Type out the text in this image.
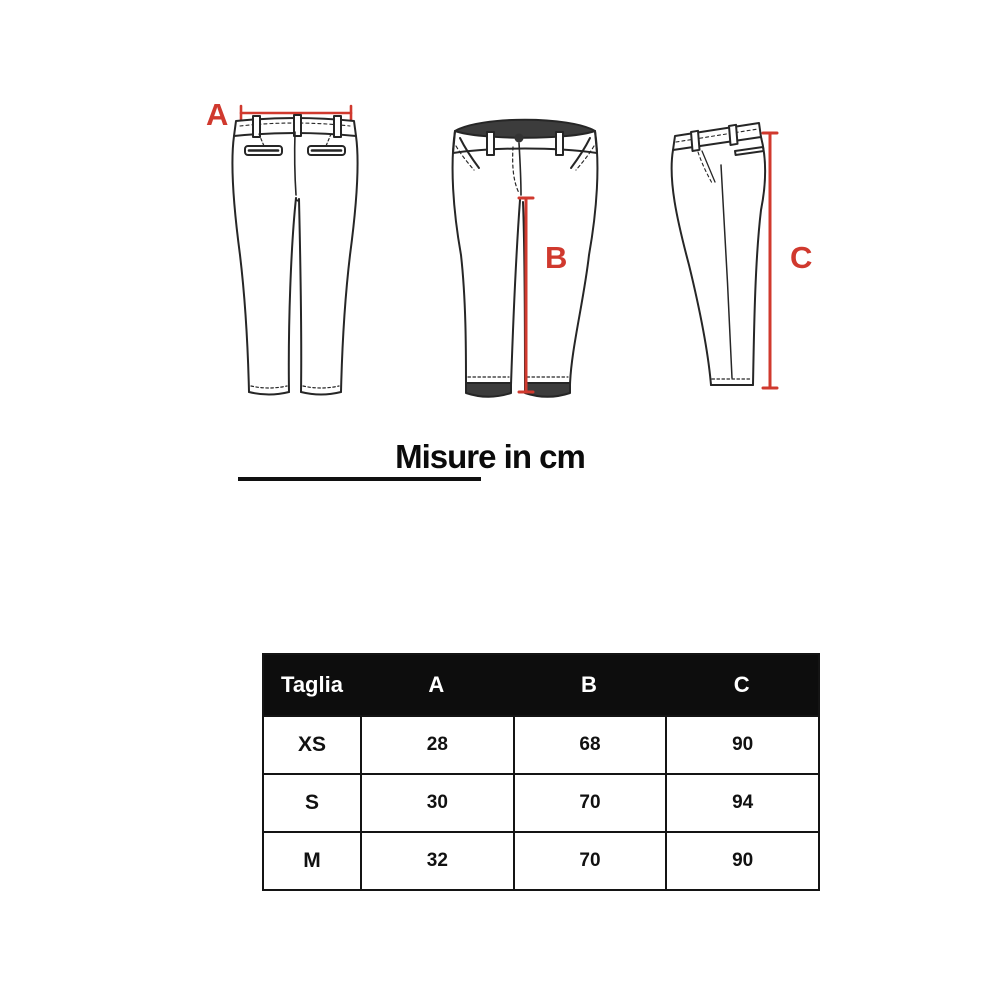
A
B	C
Misure in cm
Taglia	A	B	C
XS	28	68	90
S	30	70	94
M	32	70	90
